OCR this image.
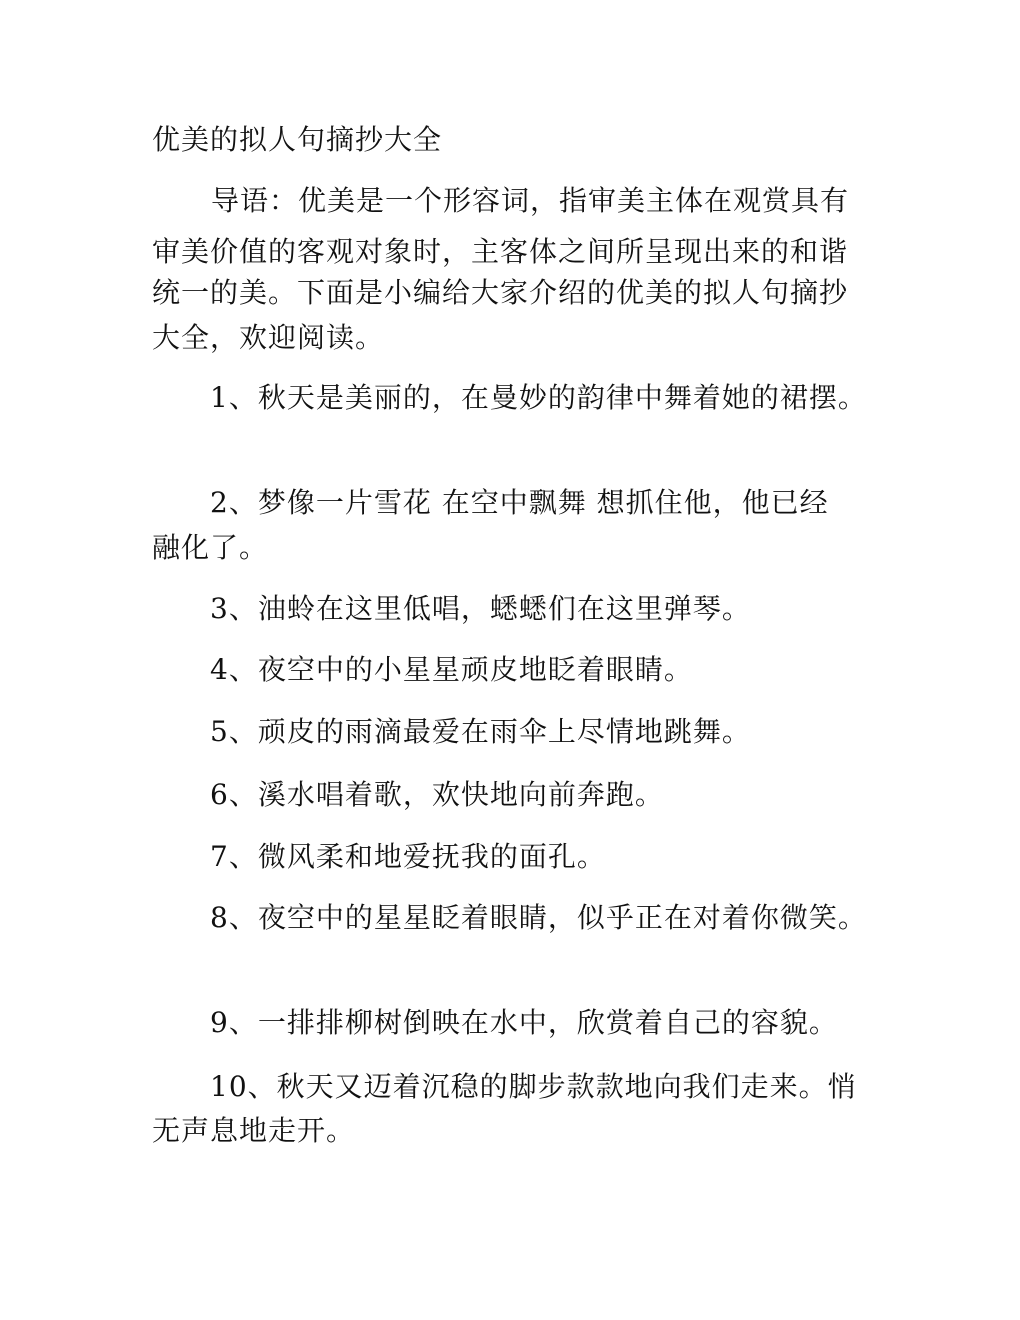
优美的拟人句摘抄大全
导语：优美是一个形容词，指审美主体在观赏具有
审美价值的客观对象时，主客体之间所呈现出来的和谐
统一的美。下面是小编给大家介绍的优美的拟人句摘抄
大全，欢迎阅读。
1、秋天是美丽的，在曼妙的韵律中舞着她的裙摆。
2、梦像一片雪花 在空中飘舞 想抓住他，他已经
融化了。
3、油蛉在这里低唱，蟋蟋们在这里弹琴。
4、夜空中的小星星顽皮地眨着眼睛。
5、顽皮的雨滴最爱在雨伞上尽情地跳舞。
6、溪水唱着歌，欢快地向前奔跑。
7、微风柔和地爱抚我的面孔。
8、夜空中的星星眨着眼睛，似乎正在对着你微笑。
9、一排排柳树倒映在水中，欣赏着自己的容貌。
10、秋天又迈着沉稳的脚步款款地向我们走来。悄
无声息地走开。
